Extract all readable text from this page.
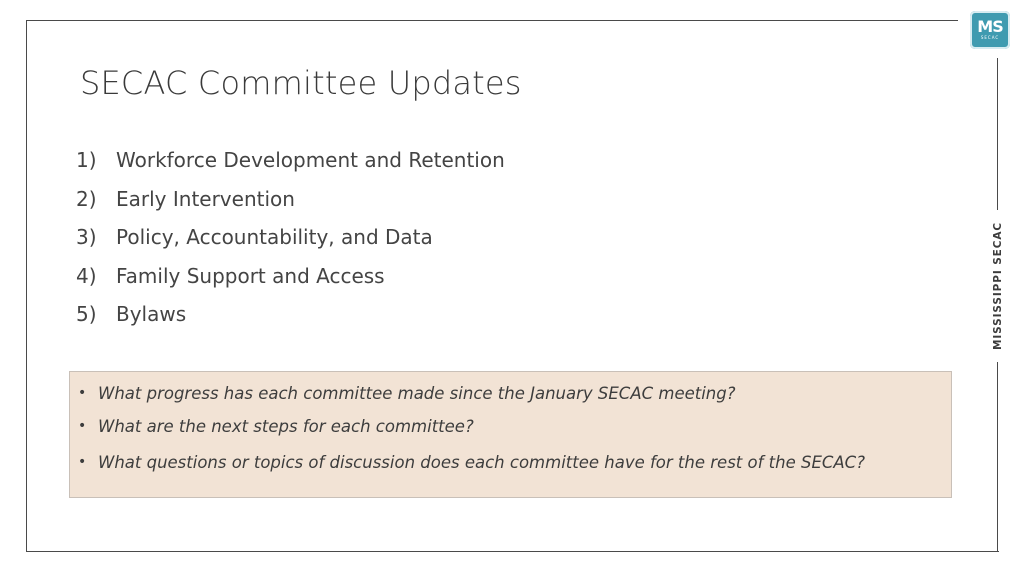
MS
SECAC
MISSISSIPPI SECAC
SECAC Committee Updates
1) Workforce Development and Retention
2) Early Intervention
3) Policy, Accountability, and Data
4) Family Support and Access
5) Bylaws
• What progress has each committee made since the January SECAC meeting?
• What are the next steps for each committee?
• What questions or topics of discussion does each committee have for the rest of the SECAC?
